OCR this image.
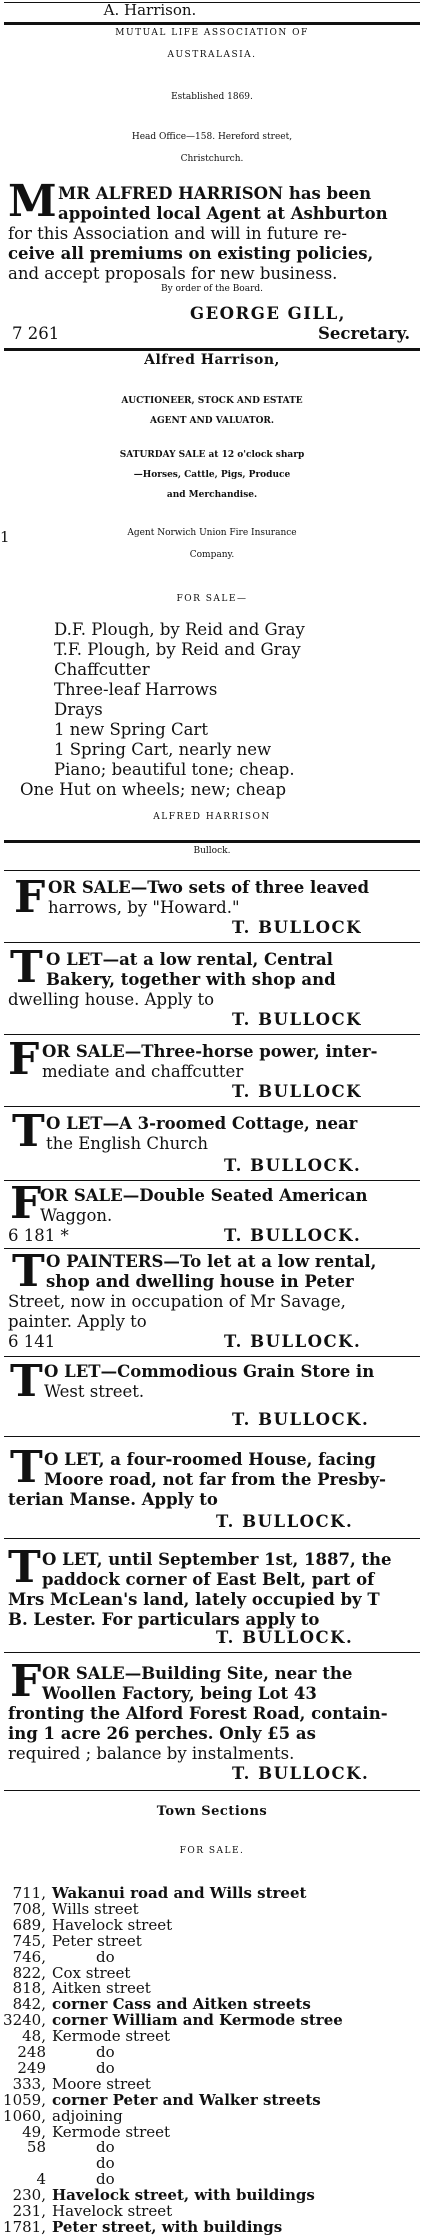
A. Harrison.
MUTUAL LIFE ASSOCIATION OF
AUSTRALASIA.
Established 1869.
Head Office—158. Hereford street,
Christchurch.
M MR ALFRED HARRISON has been
appointed local Agent at Ashburton
for this Association and will in future re-
ceive all premiums on existing policies,
and accept proposals for new business.
By order of the Board.
GEORGE GILL,
7 261	Secretary.
Alfred Harrison,
AUCTIONEER, STOCK AND ESTATE
AGENT AND VALUATOR.
SATURDAY SALE at 12 o'clock sharp
—Horses, Cattle, Pigs, Produce
and Merchandise.
Agent Norwich Union Fire Insurance
Company.
1
FOR SALE—
D.F. Plough, by Reid and Gray
T.F. Plough, by Reid and Gray
Chaffcutter
Three-leaf Harrows
Drays
1 new Spring Cart
1 Spring Cart, nearly new
Piano; beautiful tone; cheap.
One Hut on wheels; new; cheap
ALFRED HARRISON
Bullock.
F OR SALE—Two sets of three leaved
harrows, by "Howard."
T. BULLOCK
T O LET—at a low rental, Central
Bakery, together with shop and
dwelling house. Apply to
T. BULLOCK
F OR SALE—Three-horse power, inter-
mediate and chaffcutter
T. BULLOCK
T O LET—A 3-roomed Cottage, near
the English Church
T. BULLOCK.
F
OR SALE—Double Seated American
Waggon.
6 181 *	T. BULLOCK.
T O PAINTERS—To let at a low rental,
shop and dwelling house in Peter
Street, now in occupation of Mr Savage,
painter. Apply to
6 141	T. BULLOCK.
T O LET—Commodious Grain Store in
West street.
T. BULLOCK.
T O LET, a four-roomed House, facing
Moore road, not far from the Presby-
terian Manse. Apply to
T. BULLOCK.
T O LET, until September 1st, 1887, the
paddock corner of East Belt, part of
Mrs McLean's land, lately occupied by T
B. Lester. For particulars apply to
T. BULLOCK.
F OR SALE—Building Site, near the
Woollen Factory, being Lot 43
fronting the Alford Forest Road, contain-
ing 1 acre 26 perches. Only £5 as
required ; balance by instalments.
T. BULLOCK.
Town Sections
FOR SALE.
711, Wakanui road and Wills street
708, Wills street
689, Havelock street
745, Peter street
746,	do
822, Cox street
818, Aitken street
842, corner Cass and Aitken streets
3240, corner William and Kermode stree
48, Kermode street
248	do
249	do
333, Moore street
1059, corner Peter and Walker streets
1060, adjoining
49, Kermode street
58	do
do
4	do
230, Havelock street, with buildings
231, Havelock street
1781, Peter street, with buildings
